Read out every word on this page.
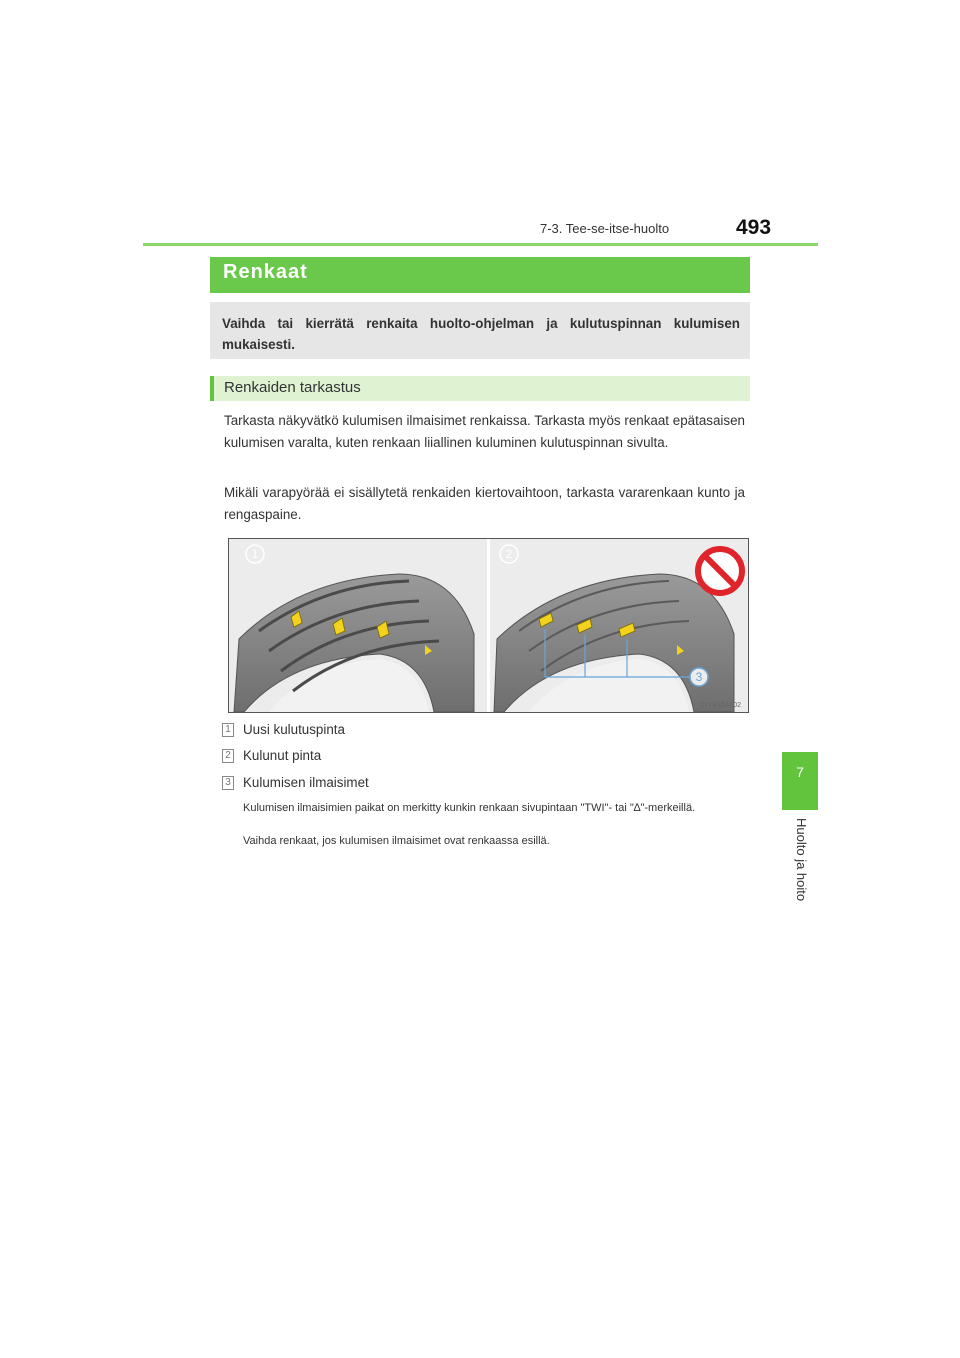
7-3. Tee-se-itse-huolto	493
7
Huolto ja hoito
Renkaat

Vaihda tai kierrätä renkaita huolto-ohjelman ja kulutuspinnan kulumisen mukaisesti.

Renkaiden tarkastus

Tarkasta näkyvätkö kulumisen ilmaisimet renkaissa. Tarkasta myös renkaat epätasaisen kulumisen varalta, kuten renkaan liiallinen kuluminen kulutuspinnan sivulta.

Mikäli varapyörää ei sisällytetä renkaiden kiertovaihtoon, tarkasta vararenkaan kunto ja rengaspaine.

1	2
3
CLY63ZA002
1 Uusi kulutuspinta
2 Kulunut pinta
3 Kulumisen ilmaisimet

Kulumisen ilmaisimien paikat on merkitty kunkin renkaan sivupintaan "TWI"- tai "∆"-merkeillä.

Vaihda renkaat, jos kulumisen ilmaisimet ovat renkaassa esillä.
